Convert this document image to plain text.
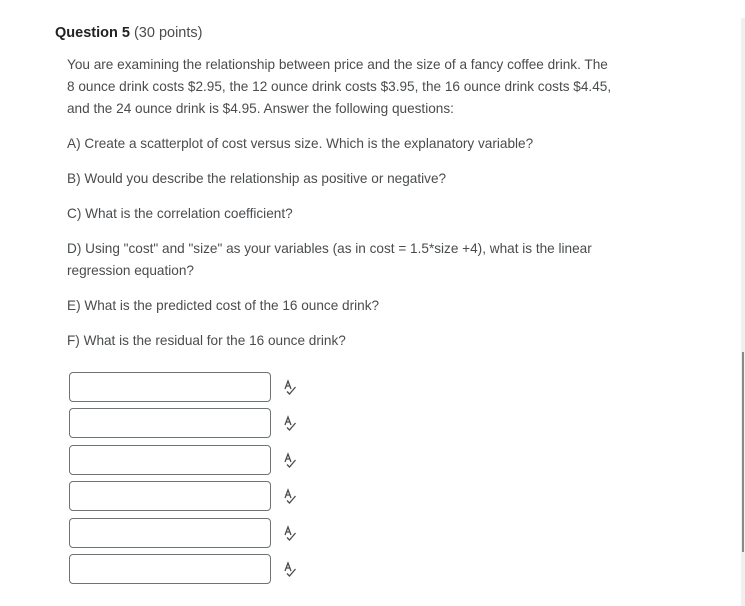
Question 5 (30 points)

You are examining the relationship between price and the size of a fancy coffee drink. The 8 ounce drink costs $2.95, the 12 ounce drink costs $3.95, the 16 ounce drink costs $4.45, and the 24 ounce drink is $4.95. Answer the following questions:

A) Create a scatterplot of cost versus size. Which is the explanatory variable?

B) Would you describe the relationship as positive or negative?

C) What is the correlation coefficient?

D) Using "cost" and "size" as your variables (as in cost = 1.5*size +4), what is the linear regression equation?

E) What is the predicted cost of the 16 ounce drink?

F) What is the residual for the 16 ounce drink?
